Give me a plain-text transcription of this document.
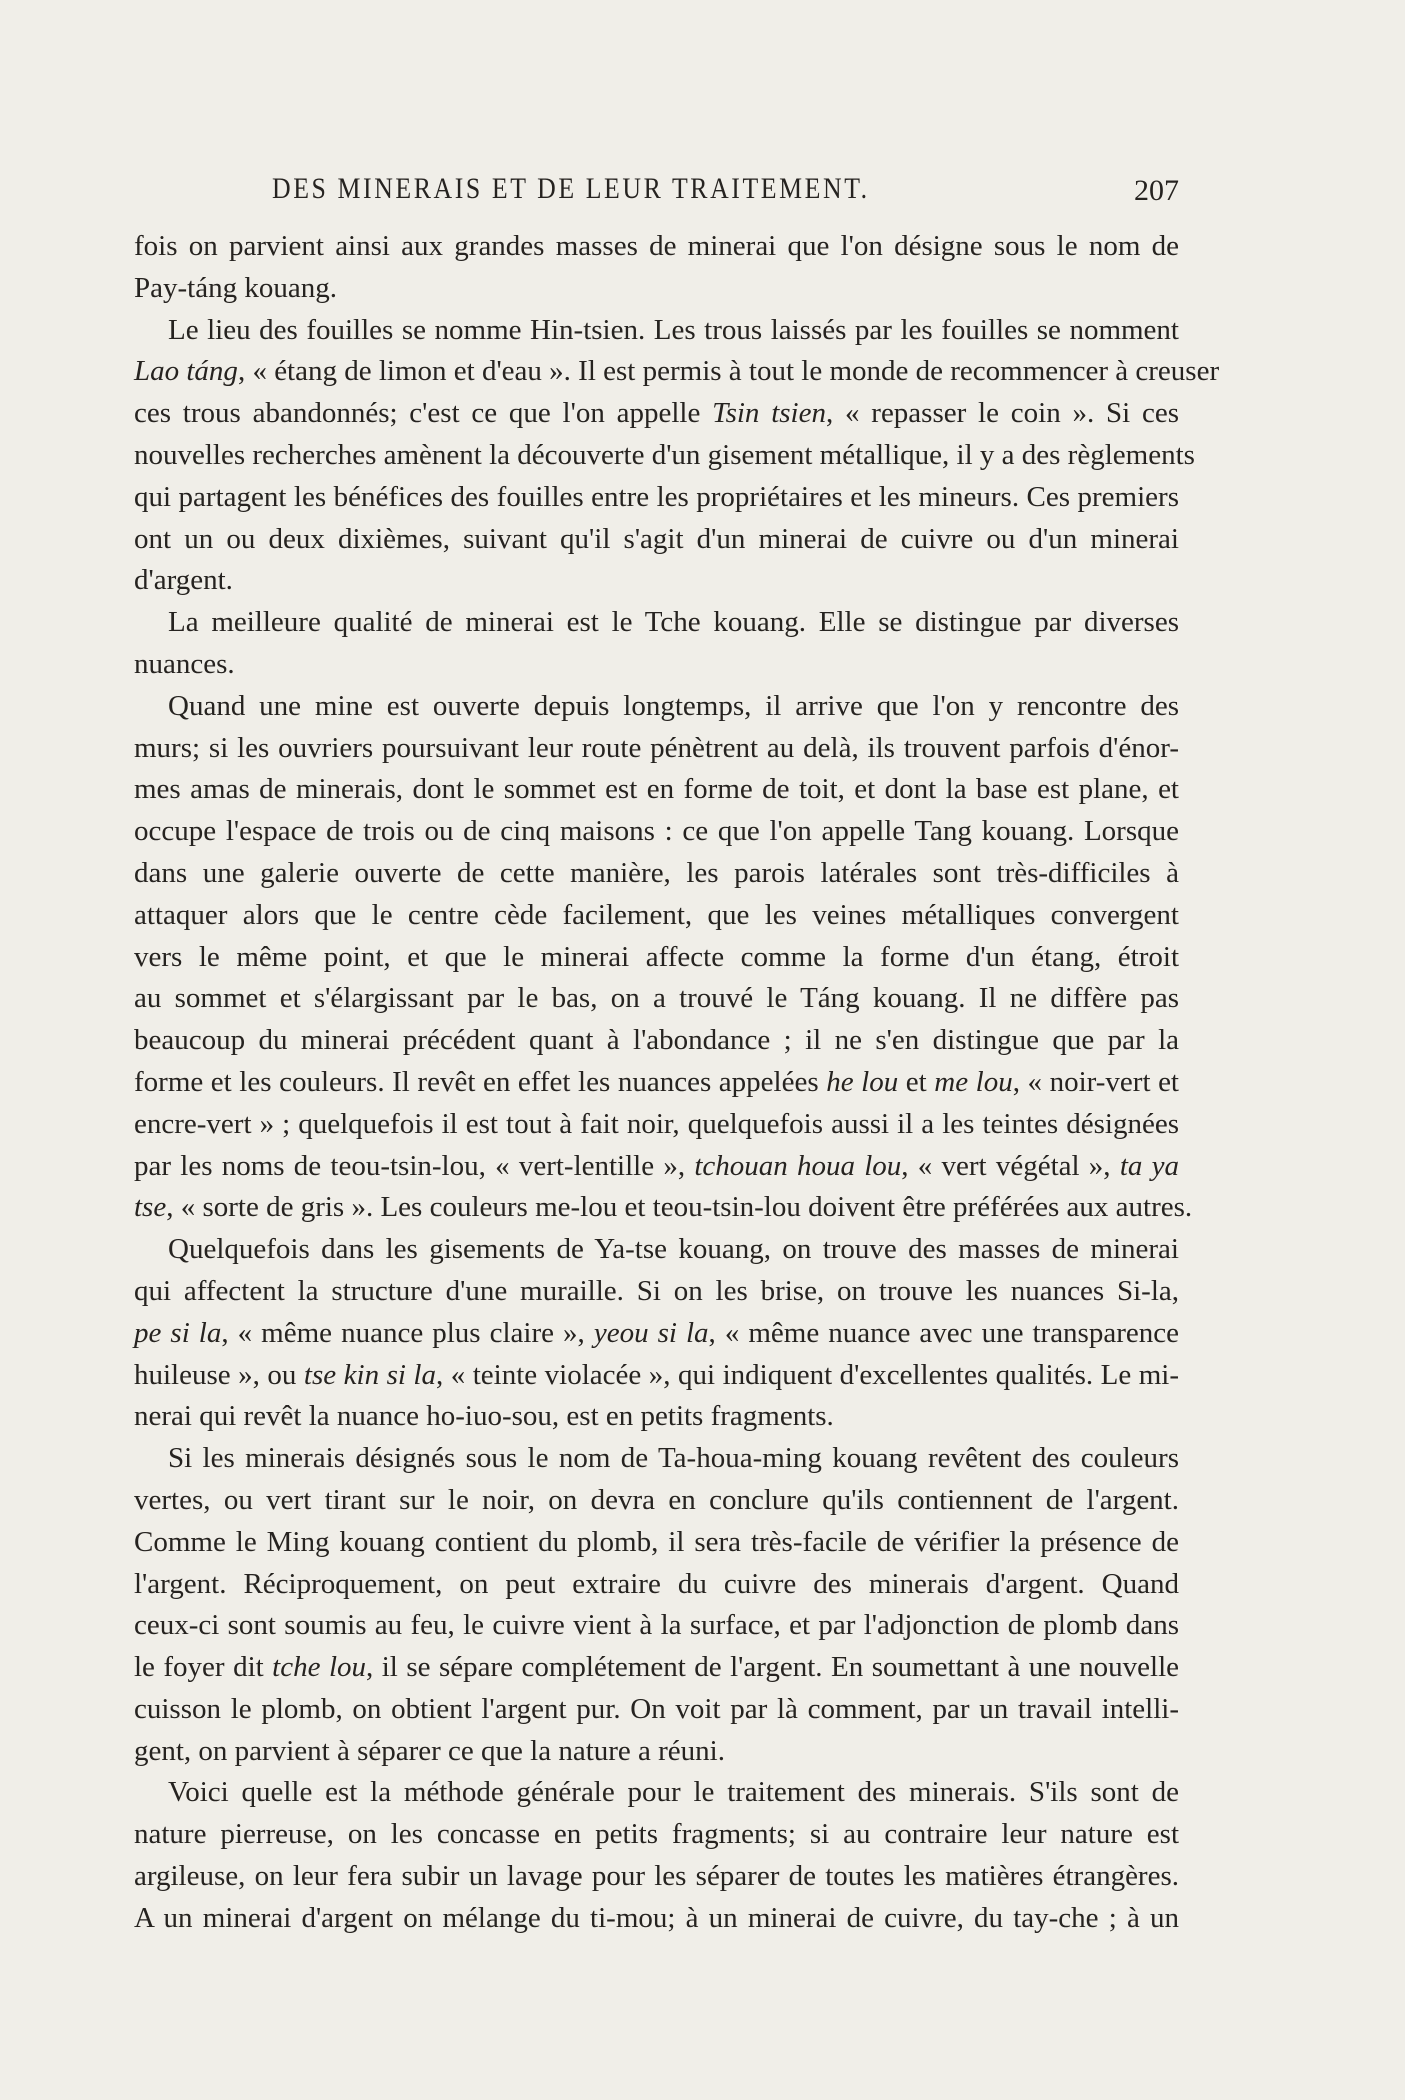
DES MINERAIS ET DE LEUR TRAITEMENT.	207
fois on parvient ainsi aux grandes masses de minerai que l'on désigne sous le nom de
Pay-táng kouang.
Le lieu des fouilles se nomme Hin-tsien. Les trous laissés par les fouilles se nomment
Lao táng, « étang de limon et d'eau ». Il est permis à tout le monde de recommencer à creuser
ces trous abandonnés; c'est ce que l'on appelle Tsin tsien, « repasser le coin ». Si ces
nouvelles recherches amènent la découverte d'un gisement métallique, il y a des règlements
qui partagent les bénéfices des fouilles entre les propriétaires et les mineurs. Ces premiers
ont un ou deux dixièmes, suivant qu'il s'agit d'un minerai de cuivre ou d'un minerai
d'argent.
La meilleure qualité de minerai est le Tche kouang. Elle se distingue par diverses
nuances.
Quand une mine est ouverte depuis longtemps, il arrive que l'on y rencontre des
murs; si les ouvriers poursuivant leur route pénètrent au delà, ils trouvent parfois d'énor-
mes amas de minerais, dont le sommet est en forme de toit, et dont la base est plane, et
occupe l'espace de trois ou de cinq maisons : ce que l'on appelle Tang kouang. Lorsque
dans une galerie ouverte de cette manière, les parois latérales sont très-difficiles à
attaquer alors que le centre cède facilement, que les veines métalliques convergent
vers le même point, et que le minerai affecte comme la forme d'un étang, étroit
au sommet et s'élargissant par le bas, on a trouvé le Táng kouang. Il ne diffère pas
beaucoup du minerai précédent quant à l'abondance ; il ne s'en distingue que par la
forme et les couleurs. Il revêt en effet les nuances appelées he lou et me lou, « noir-vert et
encre-vert » ; quelquefois il est tout à fait noir, quelquefois aussi il a les teintes désignées
par les noms de teou-tsin-lou, « vert-lentille », tchouan houa lou, « vert végétal », ta ya
tse, « sorte de gris ». Les couleurs me-lou et teou-tsin-lou doivent être préférées aux autres.
Quelquefois dans les gisements de Ya-tse kouang, on trouve des masses de minerai
qui affectent la structure d'une muraille. Si on les brise, on trouve les nuances Si-la,
pe si la, « même nuance plus claire », yeou si la, « même nuance avec une transparence
huileuse », ou tse kin si la, « teinte violacée », qui indiquent d'excellentes qualités. Le mi-
nerai qui revêt la nuance ho-iuo-sou, est en petits fragments.
Si les minerais désignés sous le nom de Ta-houa-ming kouang revêtent des couleurs
vertes, ou vert tirant sur le noir, on devra en conclure qu'ils contiennent de l'argent.
Comme le Ming kouang contient du plomb, il sera très-facile de vérifier la présence de
l'argent. Réciproquement, on peut extraire du cuivre des minerais d'argent. Quand
ceux-ci sont soumis au feu, le cuivre vient à la surface, et par l'adjonction de plomb dans
le foyer dit tche lou, il se sépare complétement de l'argent. En soumettant à une nouvelle
cuisson le plomb, on obtient l'argent pur. On voit par là comment, par un travail intelli-
gent, on parvient à séparer ce que la nature a réuni.
Voici quelle est la méthode générale pour le traitement des minerais. S'ils sont de
nature pierreuse, on les concasse en petits fragments; si au contraire leur nature est
argileuse, on leur fera subir un lavage pour les séparer de toutes les matières étrangères.
A un minerai d'argent on mélange du ti-mou; à un minerai de cuivre, du tay-che ; à un
